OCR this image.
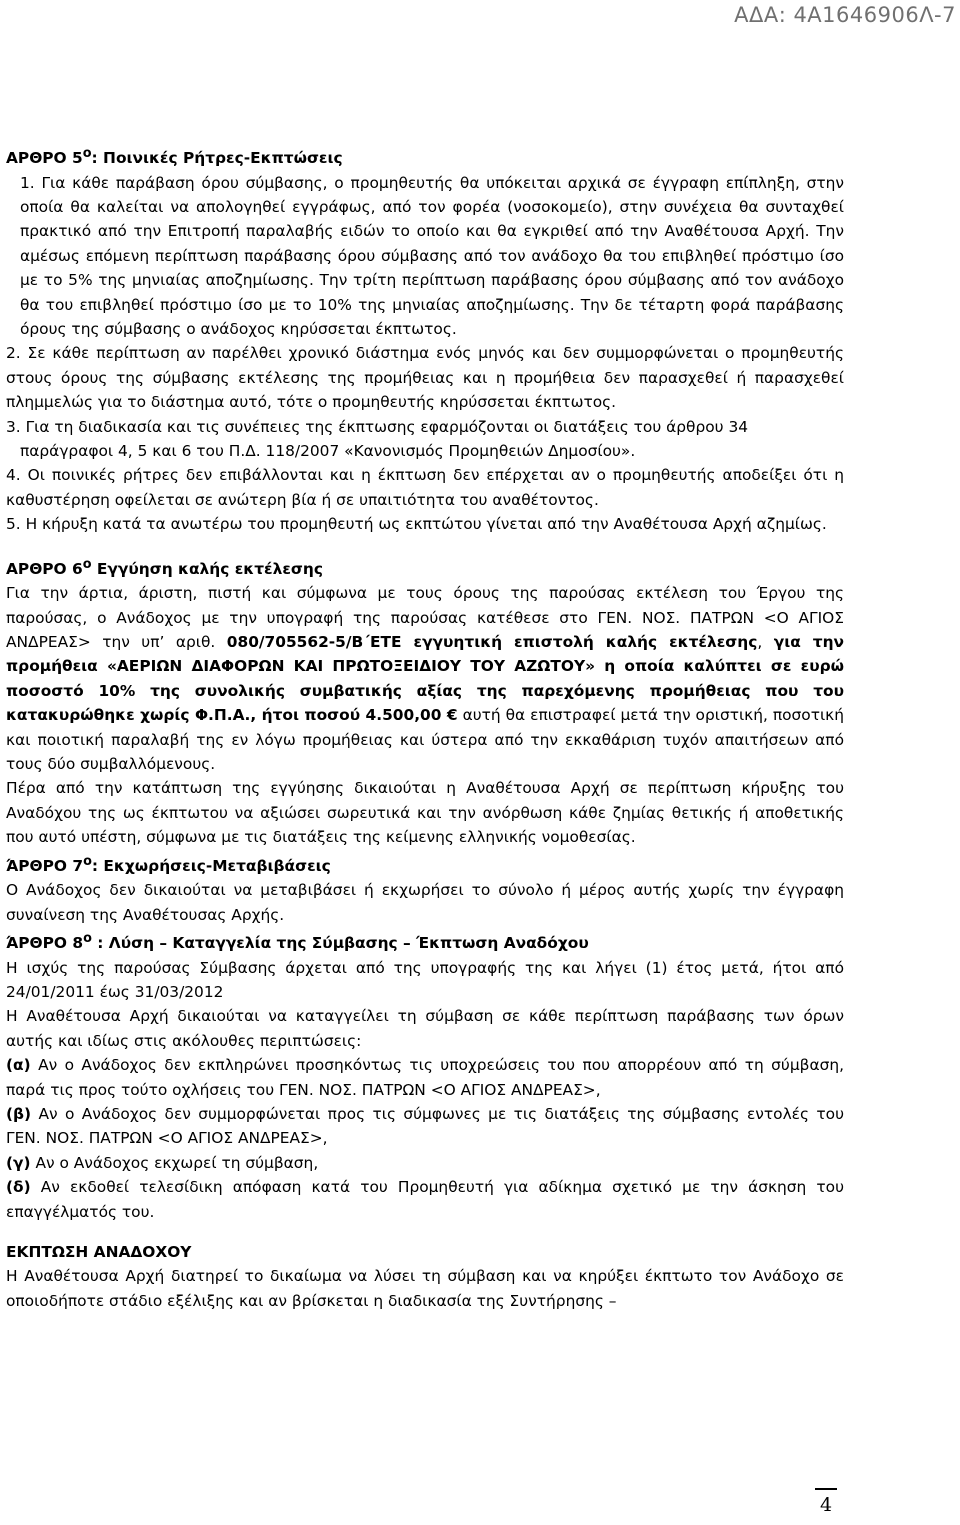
ΑΔΑ: 4Α1646906Λ-7

ΑΡΘΡΟ $5^o$: Ποινικές Ρήτρες-Εκπτώσεις

1. Για κάθε παράβαση όρου σύμβασης, ο προμηθευτής θα υπόκειται αρχικά σε έγγραφη επίπληξη, στην οποία θα καλείται να απολογηθεί εγγράφως, από τον φορέα (νοσοκομείο), στην συνέχεια θα συνταχθεί πρακτικό από την Επιτροπή παραλαβής ειδών το οποίο και θα εγκριθεί από την Αναθέτουσα Αρχή. Την αμέσως επόμενη περίπτωση παράβασης όρου σύμβασης από τον ανάδοχο θα του επιβληθεί πρόστιμο ίσο με το 5% της μηνιαίας αποζημίωσης. Την τρίτη περίπτωση παράβασης όρου σύμβασης από τον ανάδοχο θα του επιβληθεί πρόστιμο ίσο με το 10% της μηνιαίας αποζημίωσης. Την δε τέταρτη φορά παράβασης όρους της σύμβασης ο ανάδοχος κηρύσσεται έκπτωτος.

2. Σε κάθε περίπτωση αν παρέλθει χρονικό διάστημα ενός μηνός και δεν συμμορφώνεται ο προμηθευτής στους όρους της σύμβασης εκτέλεσης της προμήθειας και η προμήθεια δεν παρασχεθεί ή παρασχεθεί πλημμελώς για το διάστημα αυτό, τότε ο προμηθευτής κηρύσσεται έκπτωτος.

3. Για τη διαδικασία και τις συνέπειες της έκπτωσης εφαρμόζονται οι διατάξεις του άρθρου 34

παράγραφοι 4, 5 και 6 του Π.Δ. 118/2007 «Κανονισμός Προμηθειών Δημοσίου».

4. Οι ποινικές ρήτρες δεν επιβάλλονται και η έκπτωση δεν επέρχεται αν ο προμηθευτής αποδείξει ότι η καθυστέρηση οφείλεται σε ανώτερη βία ή σε υπαιτιότητα του αναθέτοντος.

5. Η κήρυξη κατά τα ανωτέρω του προμηθευτή ως εκπτώτου γίνεται από την Αναθέτουσα Αρχή αζημίως.

ΑΡΘΡΟ $6^o$ Εγγύηση καλής εκτέλεσης

Για την άρτια, άριστη, πιστή και σύμφωνα με τους όρους της παρούσας εκτέλεση του Έργου της παρούσας, ο Ανάδοχος με την υπογραφή της παρούσας κατέθεσε στο ΓΕΝ. ΝΟΣ. ΠΑΤΡΩΝ <Ο ΑΓΙΟΣ ΑΝΔΡΕΑΣ> την υπ’ αριθ. 080/705562-5/Β΄ΕΤΕ εγγυητική επιστολή καλής εκτέλεσης, για την προμήθεια «ΑΕΡΙΩΝ ΔΙΑΦΟΡΩΝ ΚΑΙ ΠΡΩΤΟΞΕΙΔΙΟΥ ΤΟΥ ΑΖΩΤΟΥ» η οποία καλύπτει σε ευρώ ποσοστό 10% της συνολικής συμβατικής αξίας της παρεχόμενης προμήθειας που του κατακυρώθηκε χωρίς Φ.Π.Α., ήτοι ποσού 4.500,00 € αυτή θα επιστραφεί μετά την οριστική, ποσοτική και ποιοτική παραλαβή της εν λόγω προμήθειας και ύστερα από την εκκαθάριση τυχόν απαιτήσεων από τους δύο συμβαλλόμενους.

Πέρα από την κατάπτωση της εγγύησης δικαιούται η Αναθέτουσα Αρχή σε περίπτωση κήρυξης του Αναδόχου της ως έκπτωτου να αξιώσει σωρευτικά και την ανόρθωση κάθε ζημίας θετικής ή αποθετικής που αυτό υπέστη, σύμφωνα με τις διατάξεις της κείμενης ελληνικής νομοθεσίας.

ΆΡΘΡΟ $7^o$: Εκχωρήσεις-Μεταβιβάσεις

Ο Ανάδοχος δεν δικαιούται να μεταβιβάσει ή εκχωρήσει το σύνολο ή μέρος αυτής χωρίς την έγγραφη συναίνεση της Αναθέτουσας Αρχής.

ΆΡΘΡΟ $8^o$ : Λύση – Καταγγελία της Σύμβασης – Έκπτωση Αναδόχου

Η ισχύς της παρούσας Σύμβασης άρχεται από της υπογραφής της και λήγει (1) έτος μετά, ήτοι από 24/01/2011 έως 31/03/2012

Η Αναθέτουσα Αρχή δικαιούται να καταγγείλει τη σύμβαση σε κάθε περίπτωση παράβασης των όρων αυτής και ιδίως στις ακόλουθες περιπτώσεις:

(α) Αν ο Ανάδοχος δεν εκπληρώνει προσηκόντως τις υποχρεώσεις του που απορρέουν από τη σύμβαση, παρά τις προς τούτο οχλήσεις του ΓΕΝ. ΝΟΣ. ΠΑΤΡΩΝ <Ο ΑΓΙΟΣ ΑΝΔΡΕΑΣ>,

(β) Αν ο Ανάδοχος δεν συμμορφώνεται προς τις σύμφωνες με τις διατάξεις της σύμβασης εντολές του ΓΕΝ. ΝΟΣ. ΠΑΤΡΩΝ <Ο ΑΓΙΟΣ ΑΝΔΡΕΑΣ>,

(γ) Αν ο Ανάδοχος εκχωρεί τη σύμβαση,

(δ) Αν εκδοθεί τελεσίδικη απόφαση κατά του Προμηθευτή για αδίκημα σχετικό με την άσκηση του επαγγέλματός του.

ΕΚΠΤΩΣΗ ΑΝΑΔΟΧΟΥ

Η Αναθέτουσα Αρχή διατηρεί το δικαίωμα να λύσει τη σύμβαση και να κηρύξει έκπτωτο τον Ανάδοχο σε οποιοδήποτε στάδιο εξέλιξης και αν βρίσκεται η διαδικασία της Συντήρησης –

4
